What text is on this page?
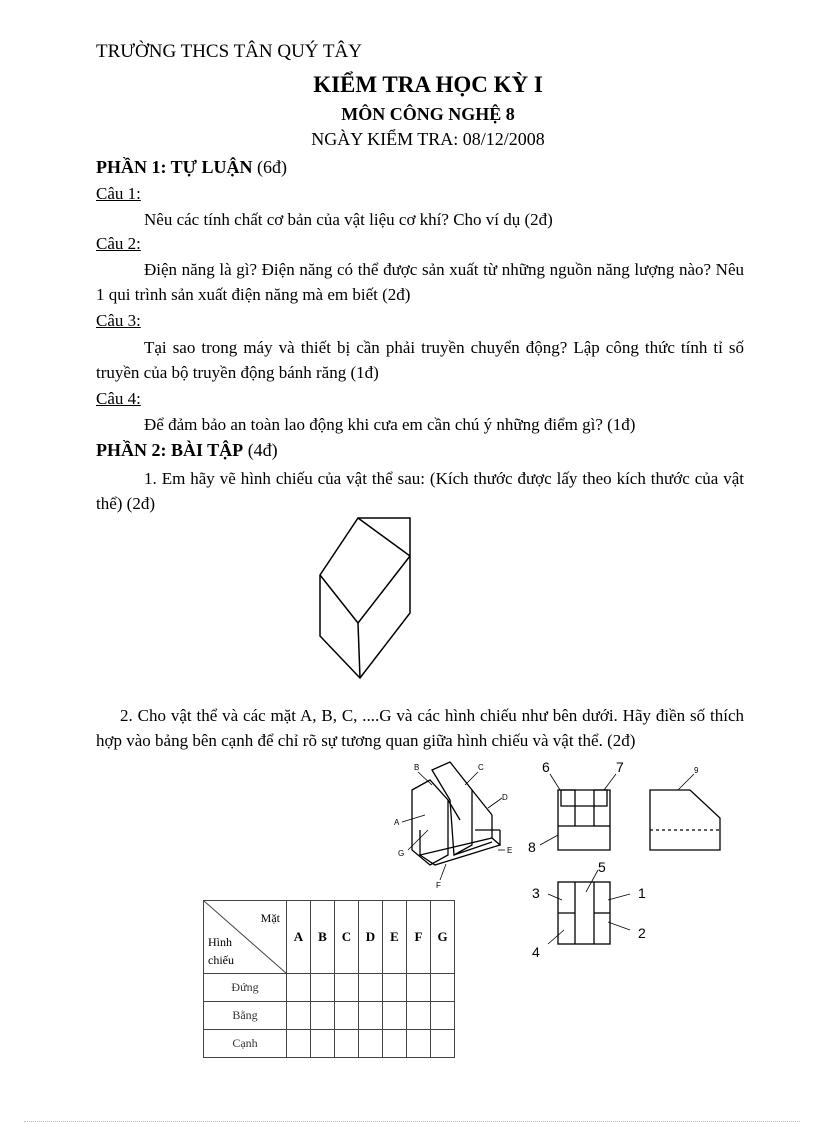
TRƯỜNG THCS TÂN QUÝ TÂY
KIỂM TRA HỌC KỲ I
MÔN CÔNG NGHỆ 8
NGÀY KIỂM TRA: 08/12/2008
PHẦN 1: TỰ LUẬN (6đ)
Câu 1:
Nêu các tính chất cơ bản của vật liệu cơ khí? Cho ví dụ (2đ)
Câu 2:
Điện năng là gì? Điện năng có thể được sản xuất từ những nguồn năng lượng nào? Nêu 1 qui trình sản xuất điện năng mà em biết (2đ)
Câu 3:
Tại sao trong máy và thiết bị cần phải truyền chuyển động? Lập công thức tính tỉ số truyền của bộ truyền động bánh răng (1đ)
Câu 4:
Để đảm bảo an toàn lao động khi cưa em cần chú ý những điểm gì? (1đ)
PHẦN 2: BÀI TẬP (4đ)
1. Em hãy vẽ hình chiếu của vật thể sau: (Kích thước được lấy theo kích thước của vật thể) (2đ)
2. Cho vật thể và các mặt A, B, C, ....G và các hình chiếu như bên dưới. Hãy điền số thích hợp vào bảng bên cạnh để chỉ rõ sự tương quan giữa hình chiếu và vật thể. (2đ)
B	C
D
A
G	E
F
9
6	7
8
5
3	1
2
4
Mặt
Hình
chiếu	A	B	C	D	E	F	G
Đứng							
Bằng							
Cạnh							
